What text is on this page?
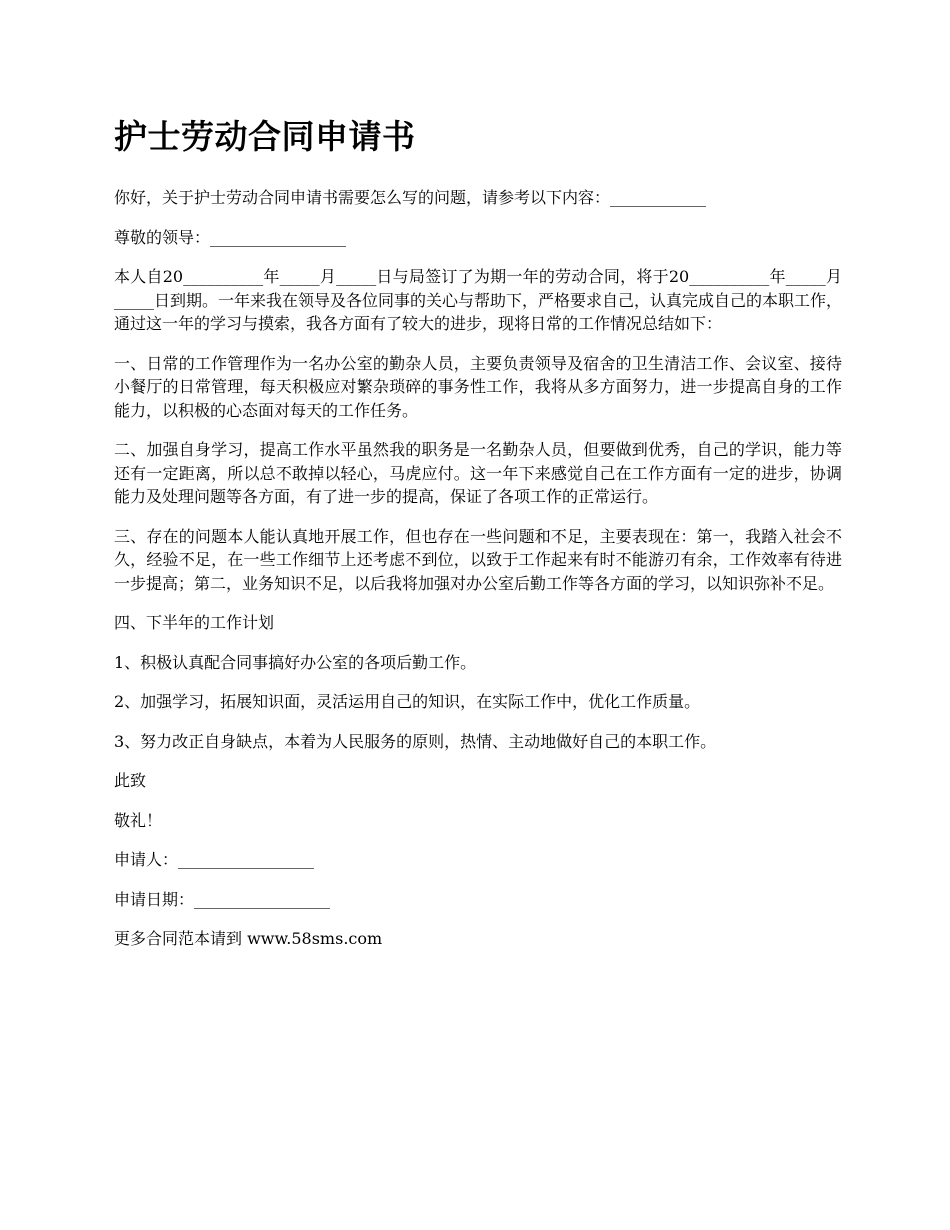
护士劳动合同申请书

你好，关于护士劳动合同申请书需要怎么写的问题，请参考以下内容：____________

尊敬的领导：_________________

本人自20__________年_____月_____日与局签订了为期一年的劳动合同，将于20__________年_____月_____日到期。一年来我在领导及各位同事的关心与帮助下，严格要求自己，认真完成自己的本职工作，通过这一年的学习与摸索，我各方面有了较大的进步，现将日常的工作情况总结如下：

一、日常的工作管理作为一名办公室的勤杂人员，主要负责领导及宿舍的卫生清洁工作、会议室、接待小餐厅的日常管理，每天积极应对繁杂琐碎的事务性工作，我将从多方面努力，进一步提高自身的工作能力，以积极的心态面对每天的工作任务。

二、加强自身学习，提高工作水平虽然我的职务是一名勤杂人员，但要做到优秀，自己的学识，能力等还有一定距离，所以总不敢掉以轻心，马虎应付。这一年下来感觉自己在工作方面有一定的进步，协调能力及处理问题等各方面，有了进一步的提高，保证了各项工作的正常运行。

三、存在的问题本人能认真地开展工作，但也存在一些问题和不足，主要表现在：第一，我踏入社会不久，经验不足，在一些工作细节上还考虑不到位，以致于工作起来有时不能游刃有余，工作效率有待进一步提高；第二，业务知识不足，以后我将加强对办公室后勤工作等各方面的学习，以知识弥补不足。

四、下半年的工作计划

1、积极认真配合同事搞好办公室的各项后勤工作。

2、加强学习，拓展知识面，灵活运用自己的知识，在实际工作中，优化工作质量。

3、努力改正自身缺点，本着为人民服务的原则，热情、主动地做好自己的本职工作。

此致

敬礼！

申请人：_________________

申请日期：_________________

更多合同范本请到 www.58sms.com
